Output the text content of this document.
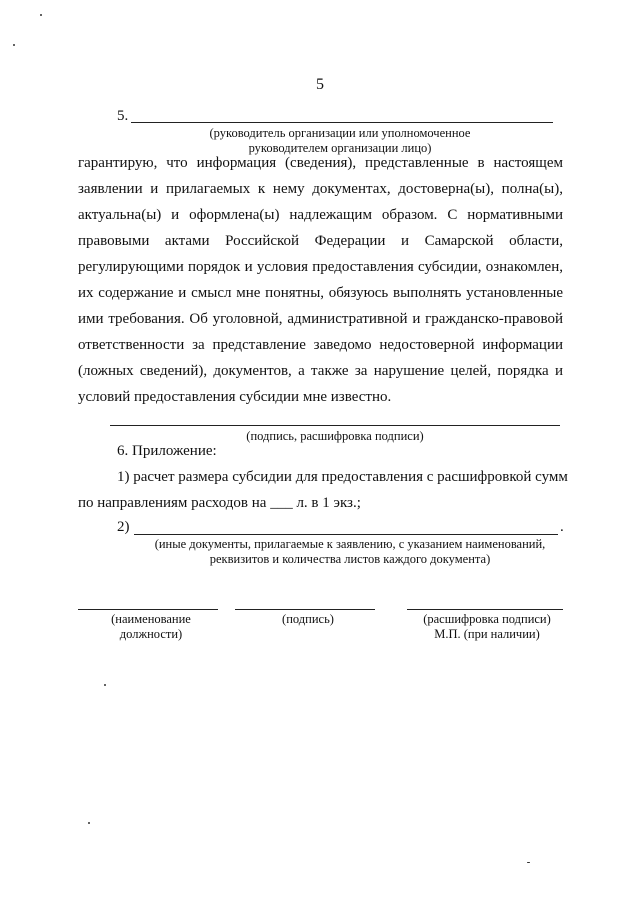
5
5.
(руководитель организации или уполномоченное
руководителем организации лицо)
гарантирую, что информация (сведения), представленные в настоящем
заявлении и прилагаемых к нему документах, достоверна(ы), полна(ы),
актуальна(ы) и оформлена(ы) надлежащим образом. С нормативными
правовыми актами Российской Федерации и Самарской области,
регулирующими порядок и условия предоставления субсидии, ознакомлен,
их содержание и смысл мне понятны, обязуюсь выполнять установленные
ими требования. Об уголовной, административной и гражданско-правовой
ответственности за представление заведомо недостоверной информации
(ложных сведений), документов, а также за нарушение целей, порядка и
условий предоставления субсидии мне известно.
(подпись, расшифровка подписи)
6. Приложение:
1) расчет размера субсидии для предоставления с расшифровкой сумм
по направлениям расходов на ___ л. в 1 экз.;
2)	.
(иные документы, прилагаемые к заявлению, с указанием наименований,
реквизитов и количества листов каждого документа)
(наименование
должности)
(подпись)	(расшифровка подписи)
М.П. (при наличии)
